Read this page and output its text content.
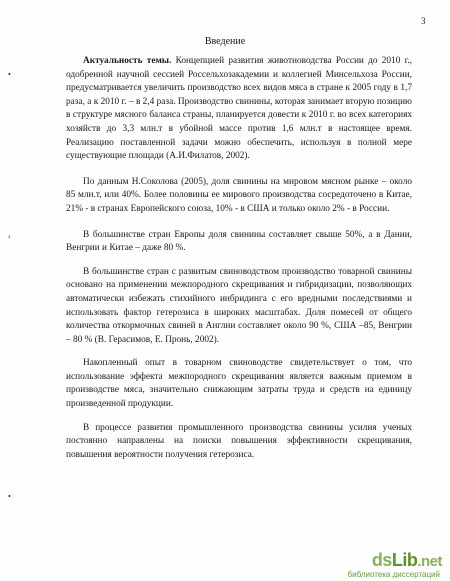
3
Введение
•
‹
•

Актуальность темы. Концепцией развития животноводства России до 2010 г., одобренной научной сессией Россельхозакадемии и коллегией Минсельхоза России, предусматривается увеличить производство всех видов мяса в стране к 2005 году в 1,7 раза, а к 2010 г. – в 2,4 раза. Производство свинины, которая занимает вторую позицию в структуре мясного баланса страны, планируется довести к 2010 г. во всех категориях хозяйств до 3,3 млн.т в убойной массе против 1,6 млн.т в настоящее время. Реализацию поставленной задачи можно обеспечить, используя в полной мере существующие площади (А.И.Филатов, 2002).

По данным Н.Соколова (2005), доля свинины на мировом мясном рынке – около 85 млн.т, или 40%. Более половины ее мирового производства сосредоточено в Китае, 21% - в странах Европейского союза, 10% - в США и только около 2% - в России.

В большинстве стран Европы доля свинины составляет свыше 50%, а в Дании, Венгрии и Китае – даже 80 %.

В большинстве стран с развитым свиноводством производство товарной свинины основано на применении межпородного скрещивания и гибридизации, позволяющих автоматически избежать стихийного инбридинга с его вредными последствиями и использовать фактор гетерозиса в широких масштабах. Доля помесей от общего количества откормочных свиней в Англии составляет около 90 %, США –85, Венгрии – 80 % (В. Герасимов, Е. Пронь, 2002).

Накопленный опыт в товарном свиноводстве свидетельствует о том, что использование эффекта межпородного скрещивания является важным приемом в производстве мяса, значительно снижающим затраты труда и средств на единицу произведенной продукции.

В процессе развития промышленного производства свинины усилия ученых постоянно направлены на поиски повышения эффективности скрещивания, повышения вероятности получения гетерозиса.

dsLib.net
библиотека диссертаций
